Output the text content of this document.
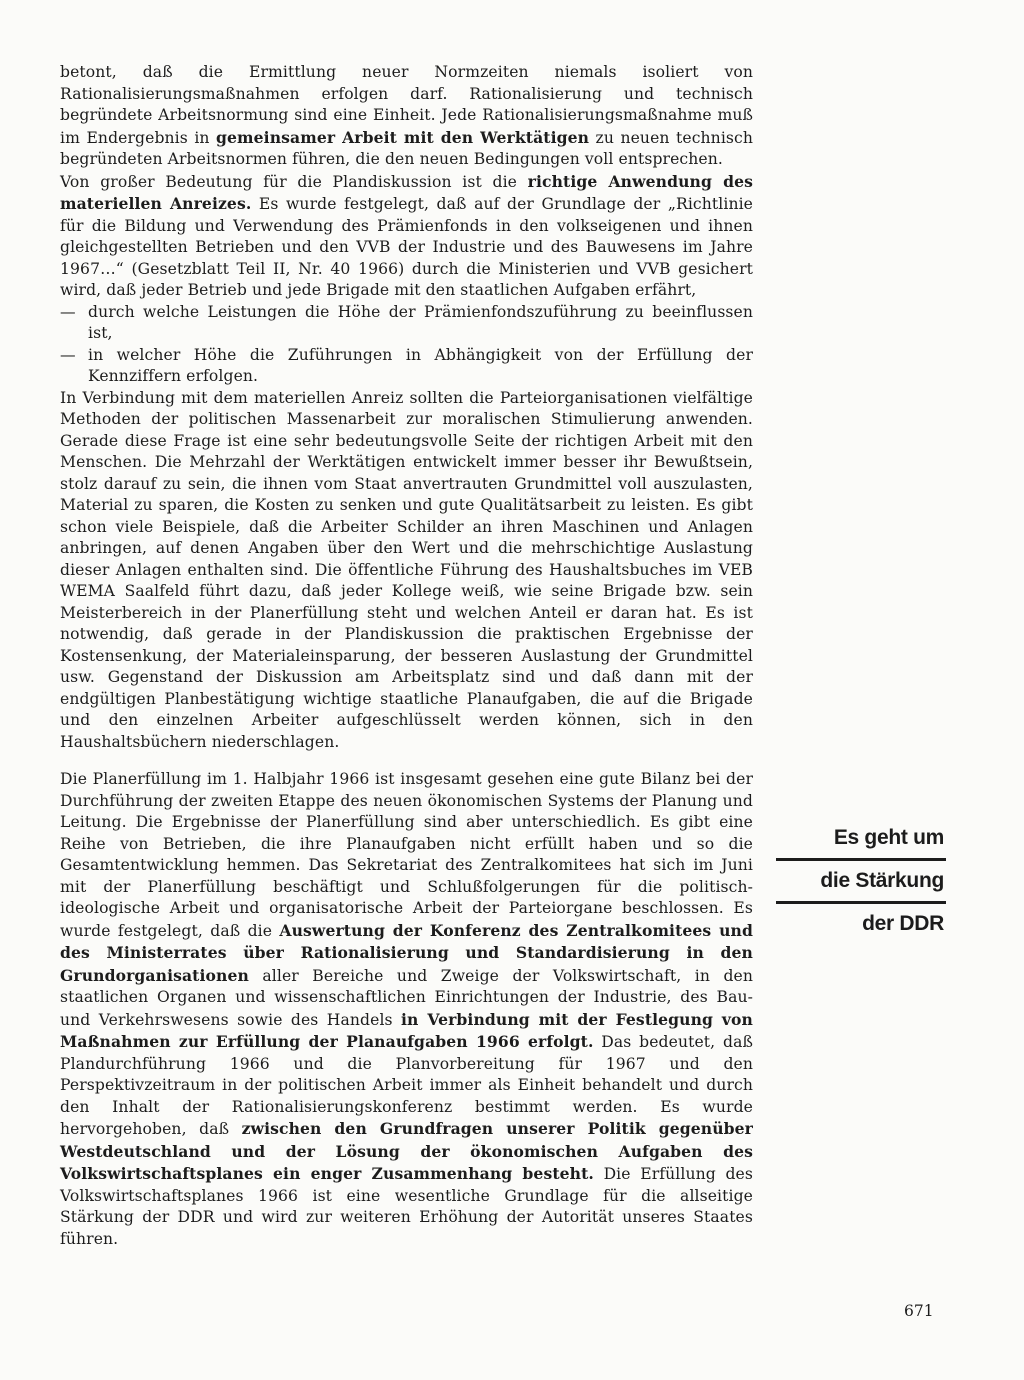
betont, daß die Ermittlung neuer Normzeiten niemals isoliert von Rationalisierungsmaßnahmen erfolgen darf. Rationalisierung und technisch begründete Arbeitsnormung sind eine Einheit. Jede Rationalisierungsmaßnahme muß im Endergebnis in gemeinsamer Arbeit mit den Werktätigen zu neuen technisch begründeten Arbeitsnormen führen, die den neuen Bedingungen voll entsprechen.

Von großer Bedeutung für die Plandiskussion ist die richtige Anwendung des materiellen Anreizes. Es wurde festgelegt, daß auf der Grundlage der „Richtlinie für die Bildung und Verwendung des Prämienfonds in den volkseigenen und ihnen gleichgestellten Betrieben und den VVB der Industrie und des Bauwesens im Jahre 1967…“ (Gesetzblatt Teil II, Nr. 40 1966) durch die Ministerien und VVB gesichert wird, daß jeder Betrieb und jede Brigade mit den staatlichen Aufgaben erfährt,

— durch welche Leistungen die Höhe der Prämienfondszuführung zu beeinflussen ist,
— in welcher Höhe die Zuführungen in Abhängigkeit von der Erfüllung der Kennziffern erfolgen.

In Verbindung mit dem materiellen Anreiz sollten die Parteiorganisationen vielfältige Methoden der politischen Massenarbeit zur moralischen Stimulierung anwenden. Gerade diese Frage ist eine sehr bedeutungsvolle Seite der richtigen Arbeit mit den Menschen. Die Mehrzahl der Werktätigen entwickelt immer besser ihr Bewußtsein, stolz darauf zu sein, die ihnen vom Staat anvertrauten Grundmittel voll auszulasten, Material zu sparen, die Kosten zu senken und gute Qualitätsarbeit zu leisten. Es gibt schon viele Beispiele, daß die Arbeiter Schilder an ihren Maschinen und Anlagen anbringen, auf denen Angaben über den Wert und die mehrschichtige Auslastung dieser Anlagen enthalten sind. Die öffentliche Führung des Haushaltsbuches im VEB WEMA Saalfeld führt dazu, daß jeder Kollege weiß, wie seine Brigade bzw. sein Meisterbereich in der Planerfüllung steht und welchen Anteil er daran hat. Es ist notwendig, daß gerade in der Plandiskussion die praktischen Ergebnisse der Kostensenkung, der Materialeinsparung, der besseren Auslastung der Grundmittel usw. Gegenstand der Diskussion am Arbeitsplatz sind und daß dann mit der endgültigen Planbestätigung wichtige staatliche Planaufgaben, die auf die Brigade und den einzelnen Arbeiter aufgeschlüsselt werden können, sich in den Haushaltsbüchern niederschlagen.

Die Planerfüllung im 1. Halbjahr 1966 ist insgesamt gesehen eine gute Bilanz bei der Durchführung der zweiten Etappe des neuen ökonomischen Systems der Planung und Leitung. Die Ergebnisse der Planerfüllung sind aber unterschiedlich. Es gibt eine Reihe von Betrieben, die ihre Planaufgaben nicht erfüllt haben und so die Gesamtentwicklung hemmen. Das Sekretariat des Zentralkomitees hat sich im Juni mit der Planerfüllung beschäftigt und Schlußfolgerungen für die politisch-ideologische Arbeit und organisatorische Arbeit der Parteiorgane beschlossen. Es wurde festgelegt, daß die Auswertung der Konferenz des Zentralkomitees und des Ministerrates über Rationalisierung und Standardisierung in den Grundorganisationen aller Bereiche und Zweige der Volkswirtschaft, in den staatlichen Organen und wissenschaftlichen Einrichtungen der Industrie, des Bau- und Verkehrswesens sowie des Handels in Verbindung mit der Festlegung von Maßnahmen zur Erfüllung der Planaufgaben 1966 erfolgt. Das bedeutet, daß Plandurchführung 1966 und die Planvorbereitung für 1967 und den Perspektivzeitraum in der politischen Arbeit immer als Einheit behandelt und durch den Inhalt der Rationalisierungskonferenz bestimmt werden. Es wurde hervorgehoben, daß zwischen den Grundfragen unserer Politik gegenüber Westdeutschland und der Lösung der ökonomischen Aufgaben des Volkswirtschaftsplanes ein enger Zusammenhang besteht. Die Erfüllung des Volkswirtschaftsplanes 1966 ist eine wesentliche Grundlage für die allseitige Stärkung der DDR und wird zur weiteren Erhöhung der Autorität unseres Staates führen.

Es geht um
die Stärkung
der DDR
671
